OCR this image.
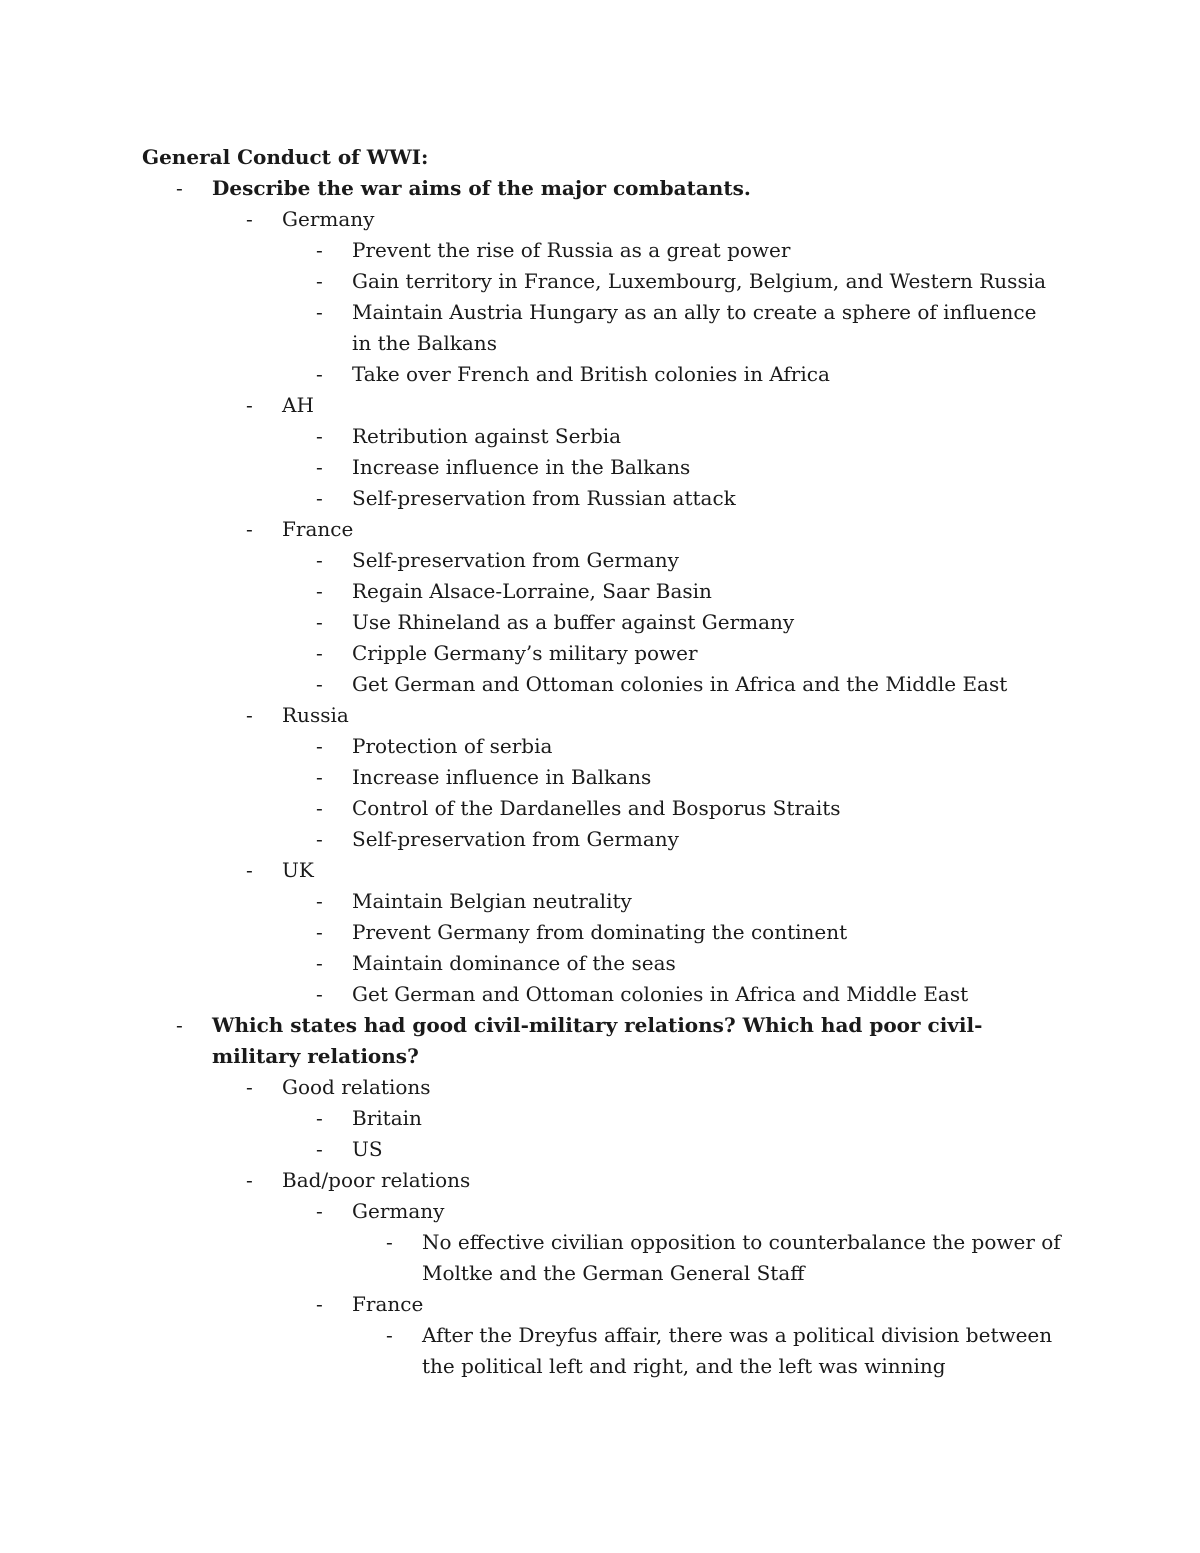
General Conduct of WWI:
- Describe the war aims of the major combatants.
- Germany
- Prevent the rise of Russia as a great power
- Gain territory in France, Luxembourg, Belgium, and Western Russia
- Maintain Austria Hungary as an ally to create a sphere of influence in the Balkans
- Take over French and British colonies in Africa
- AH
- Retribution against Serbia
- Increase influence in the Balkans
- Self-preservation from Russian attack
- France
- Self-preservation from Germany
- Regain Alsace-Lorraine, Saar Basin
- Use Rhineland as a buffer against Germany
- Cripple Germany’s military power
- Get German and Ottoman colonies in Africa and the Middle East
- Russia
- Protection of serbia
- Increase influence in Balkans
- Control of the Dardanelles and Bosporus Straits
- Self-preservation from Germany
- UK
- Maintain Belgian neutrality
- Prevent Germany from dominating the continent
- Maintain dominance of the seas
- Get German and Ottoman colonies in Africa and Middle East
- Which states had good civil-military relations? Which had poor civil-military relations?
- Good relations
- Britain
- US
- Bad/poor relations
- Germany
- No effective civilian opposition to counterbalance the power of Moltke and the German General Staff
- France
- After the Dreyfus affair, there was a political division between the political left and right, and the left was winning
